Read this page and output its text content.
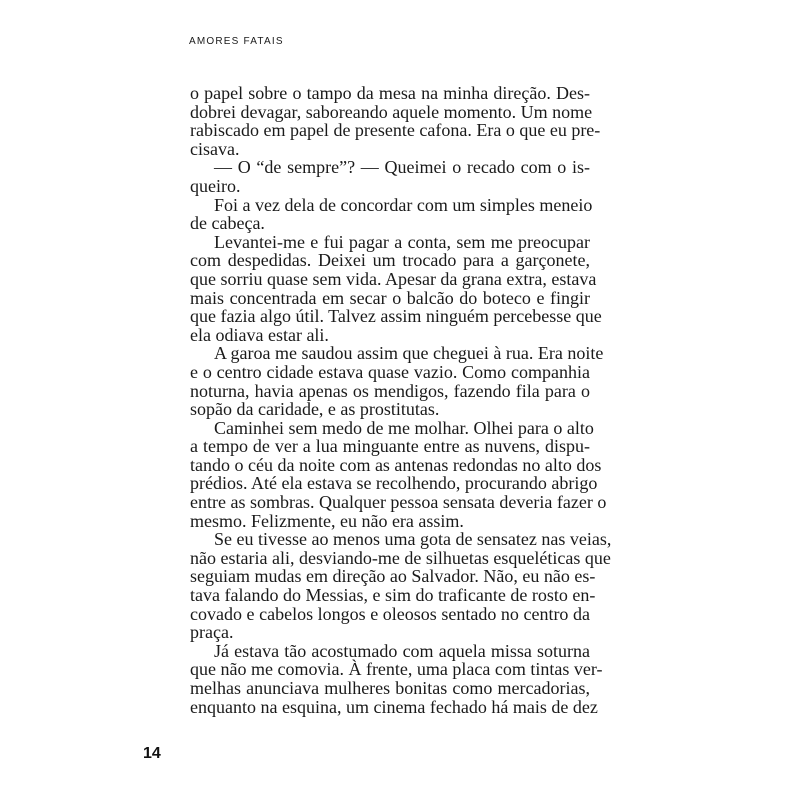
AMORES FATAIS
o papel sobre o tampo da mesa na minha direção. Des-
dobrei devagar, saboreando aquele momento. Um nome
rabiscado em papel de presente cafona. Era o que eu pre-
cisava.
— O “de sempre”? — Queimei o recado com o is-
queiro.
Foi a vez dela de concordar com um simples meneio
de cabeça.
Levantei-me e fui pagar a conta, sem me preocupar
com despedidas. Deixei um trocado para a garçonete,
que sorriu quase sem vida. Apesar da grana extra, estava
mais concentrada em secar o balcão do boteco e fingir
que fazia algo útil. Talvez assim ninguém percebesse que
ela odiava estar ali.
A garoa me saudou assim que cheguei à rua. Era noite
e o centro cidade estava quase vazio. Como companhia
noturna, havia apenas os mendigos, fazendo fila para o
sopão da caridade, e as prostitutas.
Caminhei sem medo de me molhar. Olhei para o alto
a tempo de ver a lua minguante entre as nuvens, dispu-
tando o céu da noite com as antenas redondas no alto dos
prédios. Até ela estava se recolhendo, procurando abrigo
entre as sombras. Qualquer pessoa sensata deveria fazer o
mesmo. Felizmente, eu não era assim.
Se eu tivesse ao menos uma gota de sensatez nas veias,
não estaria ali, desviando-me de silhuetas esqueléticas que
seguiam mudas em direção ao Salvador. Não, eu não es-
tava falando do Messias, e sim do traficante de rosto en-
covado e cabelos longos e oleosos sentado no centro da
praça.
Já estava tão acostumado com aquela missa soturna
que não me comovia. À frente, uma placa com tintas ver-
melhas anunciava mulheres bonitas como mercadorias,
enquanto na esquina, um cinema fechado há mais de dez
14
